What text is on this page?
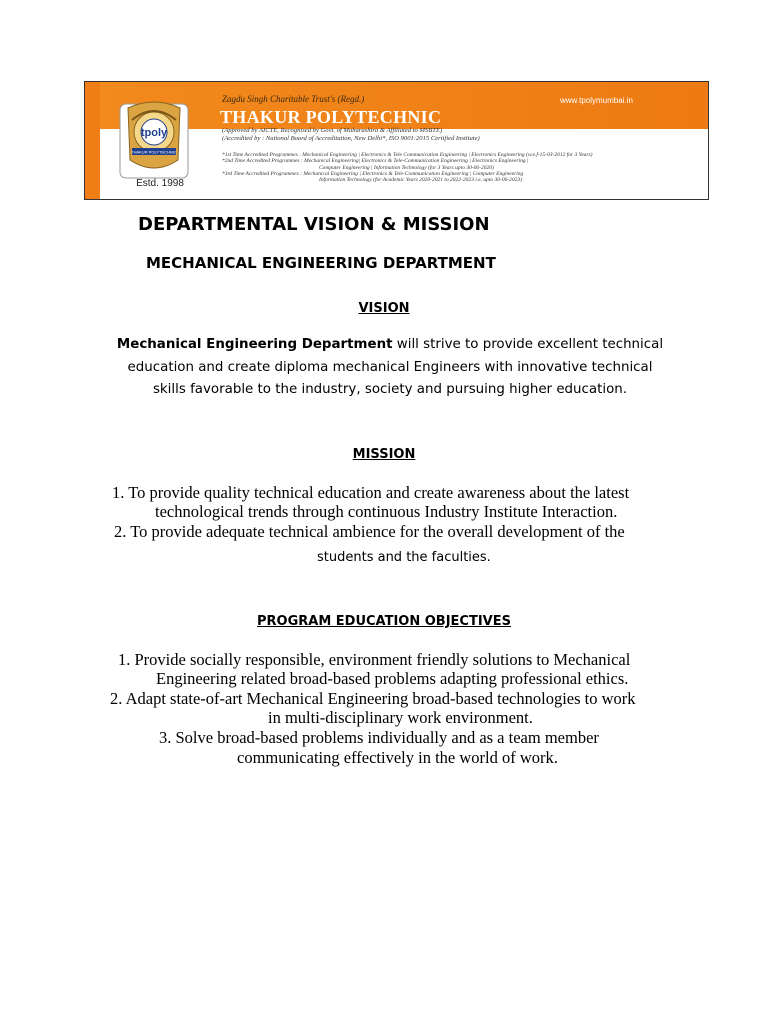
tpoly
THAKUR POLYTECHNIC
Estd. 1998
Zagdu Singh Charitable Trust's (Regd.)
THAKUR POLYTECHNIC
www.tpolymumbai.in
(Approved by AICTE, Recognised by Govt. of Maharashtra & Affiliated to MSBTE)
(Accredited by : National Board of Accreditation, New Delhi*, ISO 9001:2015 Certified Institute)
*1st Time Accredited Programmes : Mechanical Engineering | Electronics & Tele Communication Engineering | Electronics Engineering (w.e.f-15-03-2012 for 3 Years)
*2nd Time Accredited Programmes : Mechanical Engineering| Electronics & Tele-Communication Engineering | Electronics Engineering |
Computer Engineering | Information Technology (for 3 Years upto 30-06-2020)
*3rd Time Accredited Programmes : Mechanical Engineering | Electronics & Tele-Communication Engineering | Computer Engineering
Information Technology (for Academic Years 2020-2021 to 2022-2023 i.e. upto 30-06-2023)
DEPARTMENTAL VISION & MISSION
MECHANICAL ENGINEERING DEPARTMENT
VISION
Mechanical Engineering Department will strive to provide excellent technical
education and create diploma mechanical Engineers with innovative technical
skills favorable to the industry, society and pursuing higher education.
MISSION
1. To provide quality technical education and create awareness about the latest
technological trends through continuous Industry Institute Interaction.
2. To provide adequate technical ambience for the overall development of the
students and the faculties.
PROGRAM EDUCATION OBJECTIVES
1. Provide socially responsible, environment friendly solutions to Mechanical
Engineering related broad-based problems adapting professional ethics.
2. Adapt state-of-art Mechanical Engineering broad-based technologies to work
in multi-disciplinary work environment.
3. Solve broad-based problems individually and as a team member
communicating effectively in the world of work.
